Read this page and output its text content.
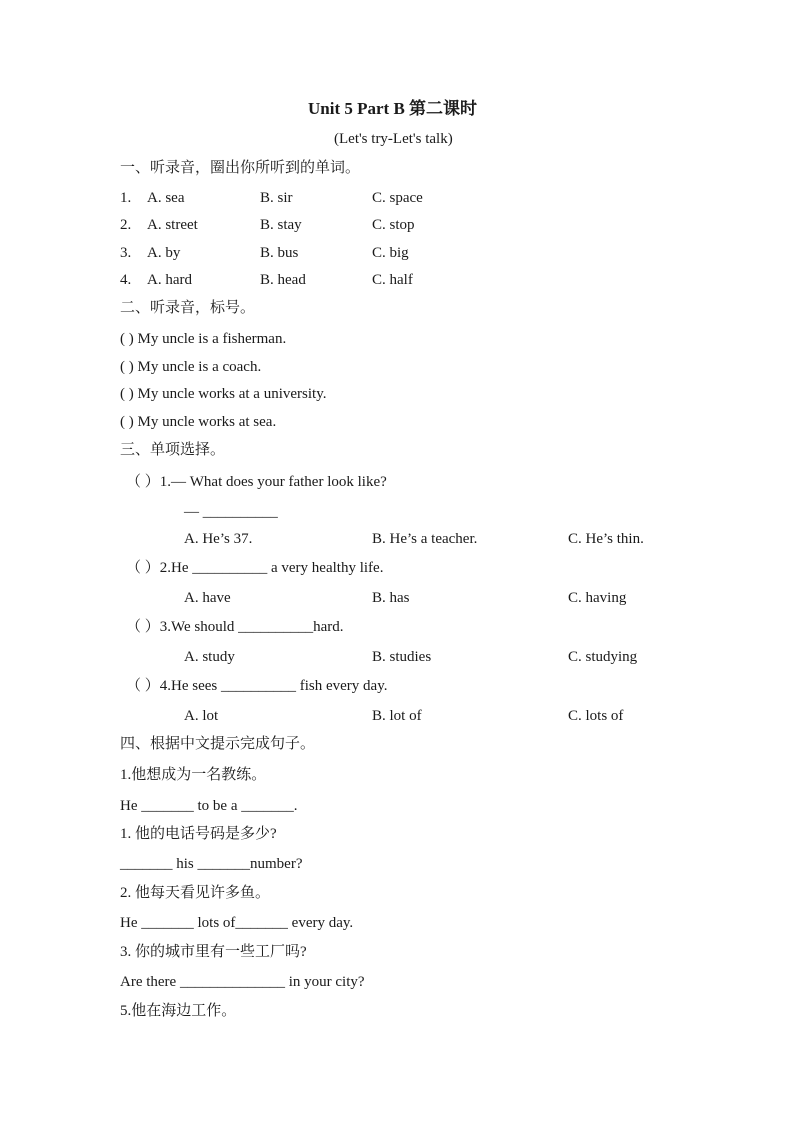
Unit 5 Part B 第二课时
(Let's try-Let's talk)
一、听录音，圈出你所听到的单词。
1. A. sea	B. sir	C. space
2. A. street	B. stay	C. stop
3. A. by	B. bus	C. big
4. A. hard	B. head	C. half
二、听录音，标号。
( ) My uncle is a fisherman.
( ) My uncle is a coach.
( ) My uncle works at a university.
( ) My uncle works at sea.
三、单项选择。
（ ）1.— What does your father look like?
— __________
A. He’s 37.	B. He’s a teacher.	C. He’s thin.
（ ）2.He __________ a very healthy life.
A. have	B. has	C. having
（ ）3.We should __________hard.
A. study	B. studies	C. studying
（ ）4.He sees __________ fish every day.
A. lot	B. lot of	C. lots of
四、根据中文提示完成句子。
1.他想成为一名教练。
He _______ to be a _______.
1. 他的电话号码是多少?
_______ his _______number?
2. 他每天看见许多鱼。
He _______ lots of_______ every day.
3. 你的城市里有一些工厂吗?
Are there ______________ in your city?
5.他在海边工作。
